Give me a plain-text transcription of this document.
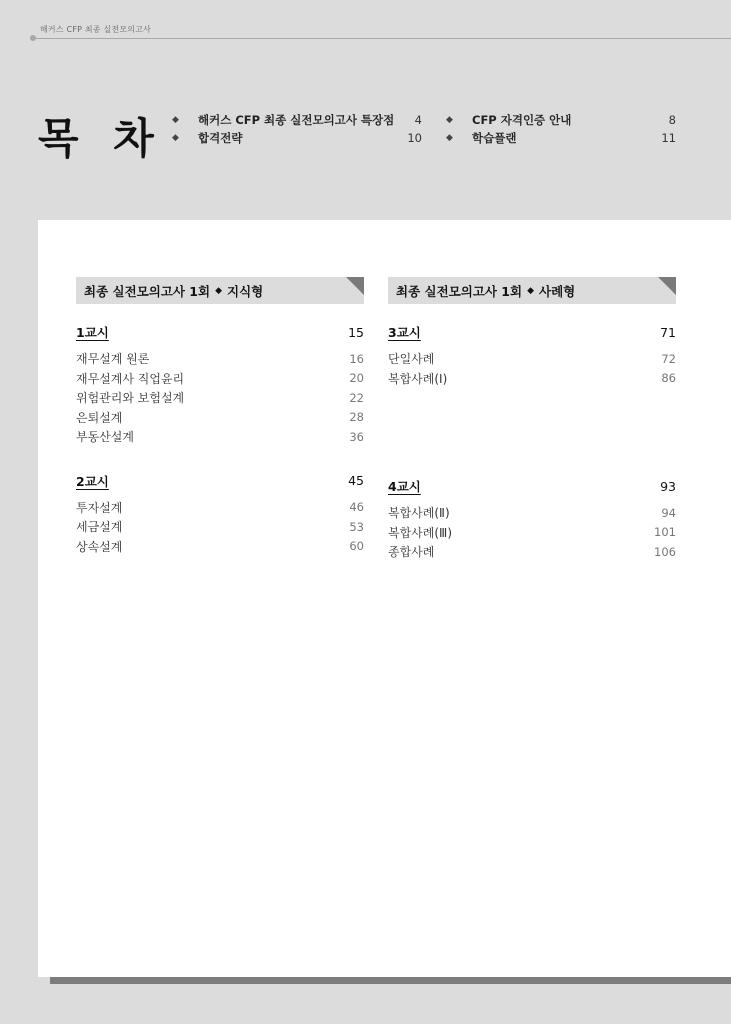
해커스 CFP 최종 실전모의고사
목 차 ◆	해커스 CFP 최종 실전모의고사 특장점	4
◆	합격전략	10
◆	CFP 자격인증 안내	8
◆	학습플랜	11
최종 실전모의고사 1회 ◆ 지식형
1교시	15
재무설계 원론	16
재무설계사 직업윤리	20
위험관리와 보험설계	22
은퇴설계	28
부동산설계	36
2교시	45
투자설계	46
세금설계	53
상속설계	60
최종 실전모의고사 1회 ◆ 사례형
3교시	71
단일사례	72
복합사례(Ⅰ)	86
4교시	93
복합사례(Ⅱ)	94
복합사례(Ⅲ)	101
종합사례	106
